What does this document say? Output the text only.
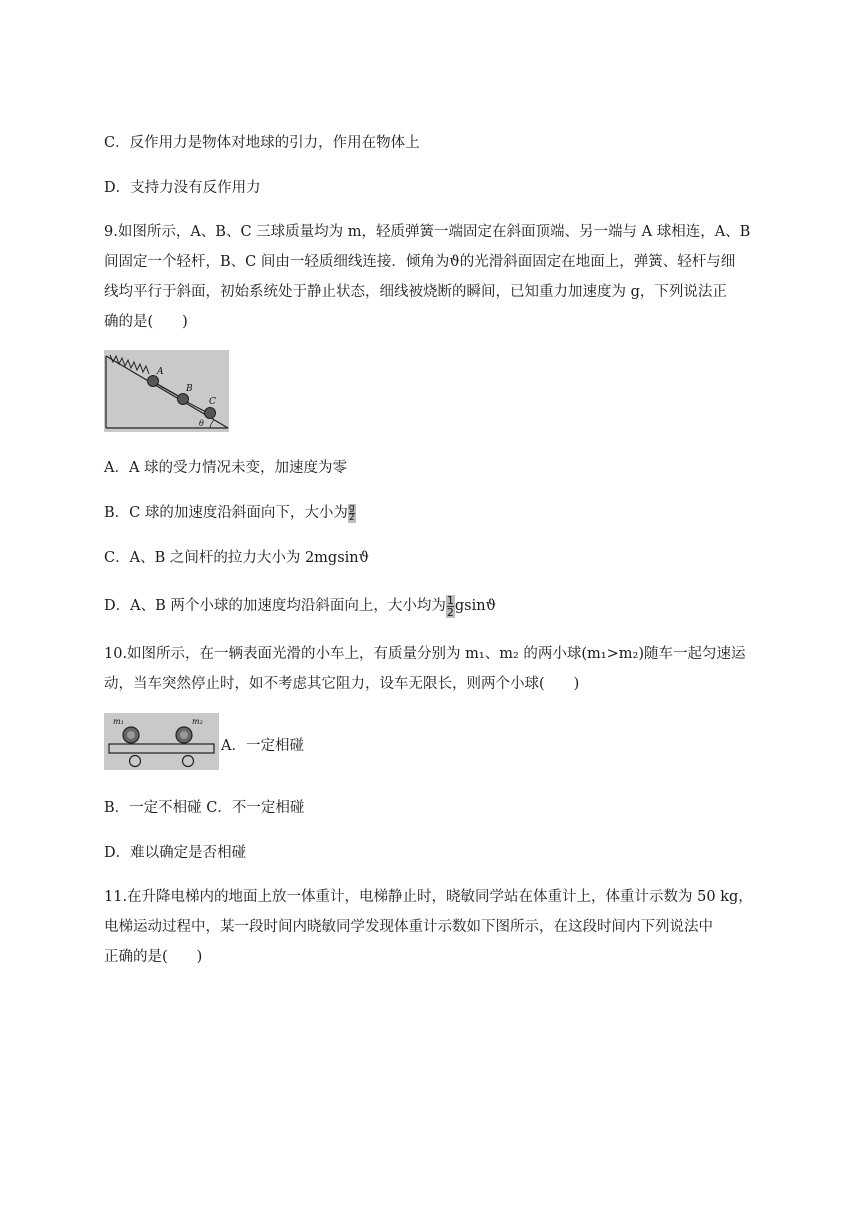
C．反作用力是物体对地球的引力，作用在物体上
D．支持力没有反作用力
9.如图所示，A、B、C 三球质量均为 m，轻质弹簧一端固定在斜面顶端、另一端与 A 球相连，A、B
间固定一个轻杆，B、C 间由一轻质细线连接．倾角为ϑ的光滑斜面固定在地面上，弹簧、轻杆与细
线均平行于斜面，初始系统处于静止状态，细线被烧断的瞬间，已知重力加速度为 g，下列说法正
确的是(　　)
A
B
C
θ
A．A 球的受力情况未变，加速度为零
B．C 球的加速度沿斜面向下，大小为 $\frac{g}{2}$
C．A、B 之间杆的拉力大小为 2mgsinϑ
D．A、B 两个小球的加速度均沿斜面向上，大小均为 $\frac{1}{2}$ gsinϑ
10.如图所示，在一辆表面光滑的小车上，有质量分别为 m₁、m₂ 的两小球(m₁>m₂)随车一起匀速运
动，当车突然停止时，如不考虑其它阻力，设车无限长，则两个小球(　　)
m₁	m₂
A．一定相碰
B．一定不相碰 C．不一定相碰
D．难以确定是否相碰
11.在升降电梯内的地面上放一体重计，电梯静止时，晓敏同学站在体重计上，体重计示数为 50 kg，
电梯运动过程中，某一段时间内晓敏同学发现体重计示数如下图所示，在这段时间内下列说法中
正确的是(　　)
